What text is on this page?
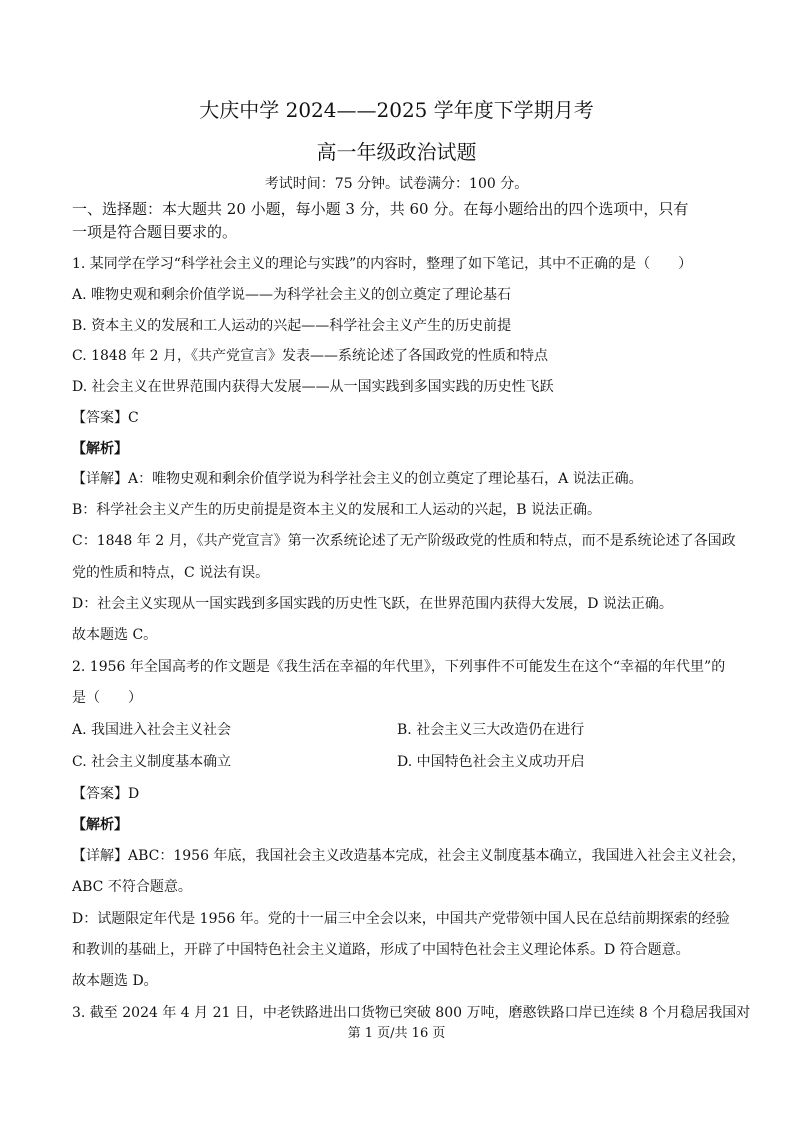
大庆中学 2024——2025 学年度下学期月考
高一年级政治试题
考试时间：75 分钟。试卷满分：100 分。
一、选择题：本大题共 20 小题，每小题 3 分，共 60 分。在每小题给出的四个选项中，只有
一项是符合题目要求的。
1. 某同学在学习“科学社会主义的理论与实践”的内容时，整理了如下笔记，其中不正确的是（　　）
A. 唯物史观和剩余价值学说——为科学社会主义的创立奠定了理论基石
B. 资本主义的发展和工人运动的兴起——科学社会主义产生的历史前提
C. 1848 年 2 月，《共产党宣言》发表——系统论述了各国政党的性质和特点
D. 社会主义在世界范围内获得大发展——从一国实践到多国实践的历史性飞跃
【答案】C
【解析】
【详解】A：唯物史观和剩余价值学说为科学社会主义的创立奠定了理论基石，A 说法正确。
B：科学社会主义产生的历史前提是资本主义的发展和工人运动的兴起，B 说法正确。
C：1848 年 2 月，《共产党宣言》第一次系统论述了无产阶级政党的性质和特点，而不是系统论述了各国政
党的性质和特点，C 说法有误。
D：社会主义实现从一国实践到多国实践的历史性飞跃，在世界范围内获得大发展，D 说法正确。
故本题选 C。
2. 1956 年全国高考的作文题是《我生活在幸福的年代里》，下列事件不可能发生在这个“幸福的年代里”的
是（　　）
A. 我国进入社会主义社会	B. 社会主义三大改造仍在进行
C. 社会主义制度基本确立	D. 中国特色社会主义成功开启
【答案】D
【解析】
【详解】ABC：1956 年底，我国社会主义改造基本完成，社会主义制度基本确立，我国进入社会主义社会，
ABC 不符合题意。
D：试题限定年代是 1956 年。党的十一届三中全会以来，中国共产党带领中国人民在总结前期探索的经验
和教训的基础上，开辟了中国特色社会主义道路，形成了中国特色社会主义理论体系。D 符合题意。
故本题选 D。
3. 截至 2024 年 4 月 21 日，中老铁路进出口货物已突破 800 万吨，磨憨铁路口岸已连续 8 个月稳居我国对
第 1 页/共 16 页
